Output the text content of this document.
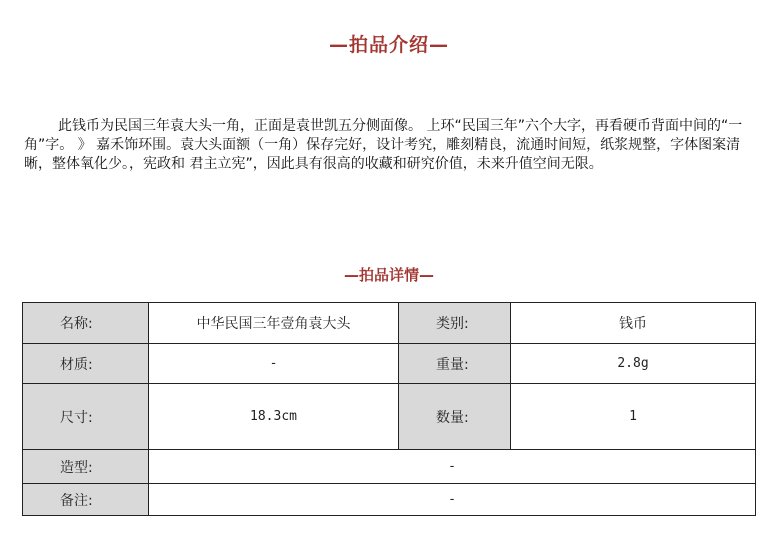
—拍品介绍—

此钱币为民国三年袁大头一角，正面是袁世凯五分侧面像。 上环“民国三年”六个大字，再看硬币背面中间的“一角”字。 》 嘉禾饰环围。袁大头面额（一角）保存完好，设计考究，雕刻精良，流通时间短，纸浆规整，字体图案清晰，整体氧化少。，宪政和 君主立宪”，因此具有很高的收藏和研究价值，未来升值空间无限。

—拍品详情—
名称:	中华民国三年壹角袁大头	类别:	钱币
材质:	-	重量:	2.8g
尺寸:	18.3cm	数量:	1
造型:	-		
备注:	-		
